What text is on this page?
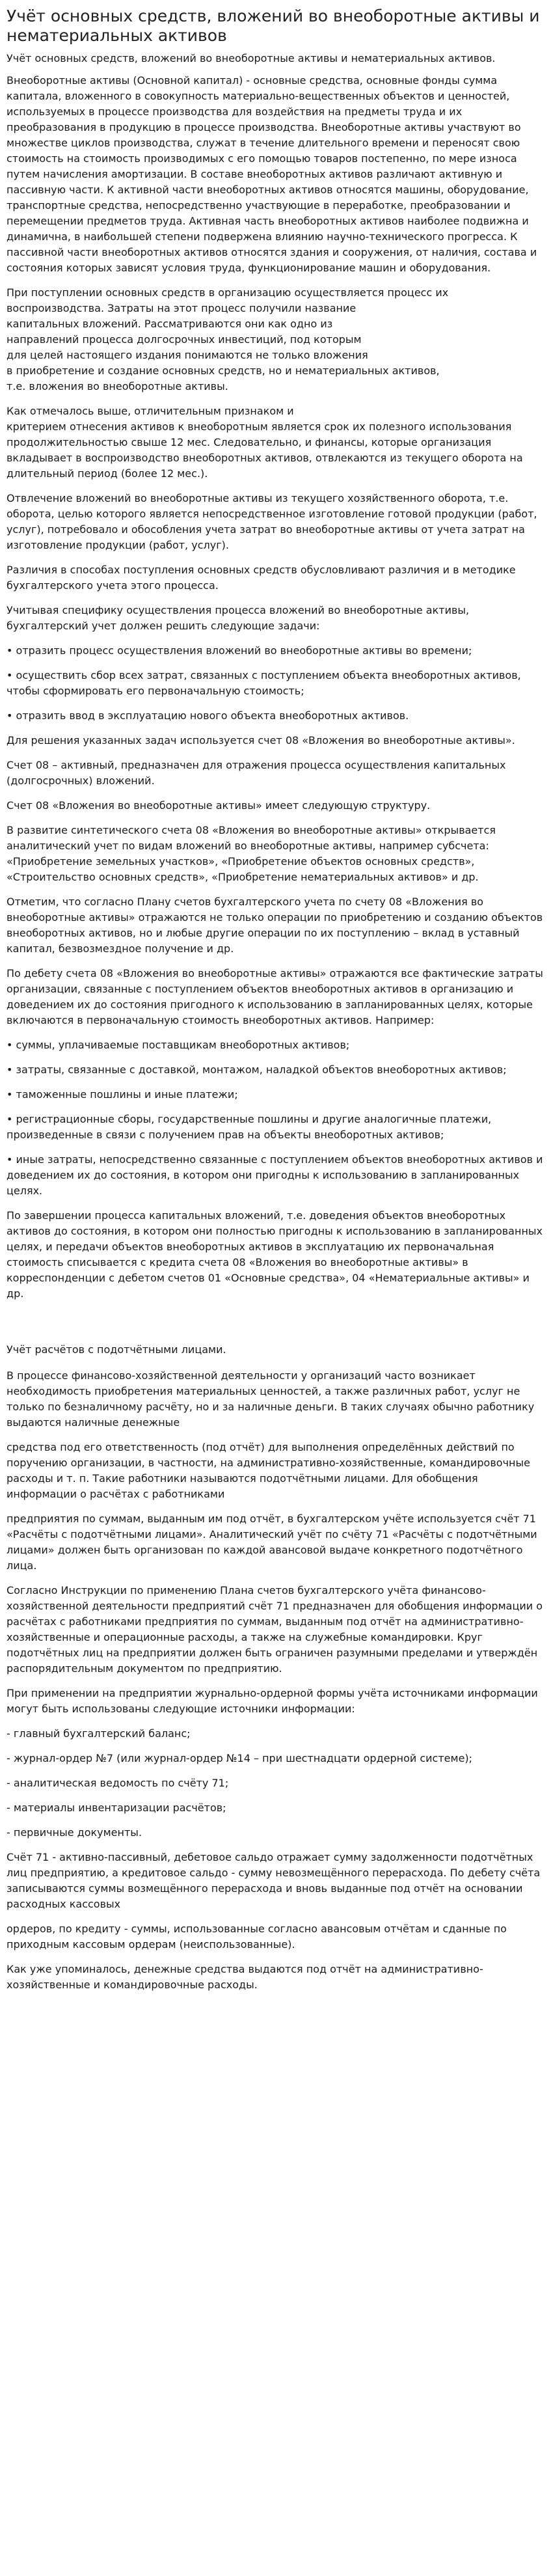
Учёт основных средств, вложений во внеоборотные активы и нематериальных активов

Учёт основных средств, вложений во внеоборотные активы и нематериальных активов.

Внеоборотные активы (Основной капитал) - основные средства, основные фонды сумма капитала, вложенного в совокупность материально-вещественных объектов и ценностей, используемых в процессе производства для воздействия на предметы труда и их преобразования в продукцию в процессе производства. Внеоборотные активы участвуют во множестве циклов производства, служат в течение длительного времени и переносят свою стоимость на стоимость производимых с его помощью товаров постепенно, по мере износа путем начисления амортизации. В составе внеоборотных активов различают активную и пассивную части. К активной части внеоборотных активов относятся машины, оборудование, транспортные средства, непосредственно участвующие в переработке, преобразовании и перемещении предметов труда. Активная часть внеоборотных активов наиболее подвижна и динамична, в наибольшей степени подвержена влиянию научно-технического прогресса. К пассивной части внеоборотных активов относятся здания и сооружения, от наличия, состава и состояния которых зависят условия труда, функционирование машин и оборудования.

При поступлении основных средств в организацию осуществляется процесс их воспроизводства. Затраты на этот процесс получили название
капитальных вложений. Рассматриваются они как одно из
направлений процесса долгосрочных инвестиций, под которым
для целей настоящего издания понимаются не только вложения
в приобретение и создание основных средств, но и нематериальных активов,
т.е. вложения во внеоборотные активы.

Как отмечалось выше, отличительным признаком и
критерием отнесения активов к внеоборотным является срок их полезного использования продолжительностью свыше 12 мес. Следовательно, и финансы, которые организация вкладывает в воспроизводство внеоборотных активов, отвлекаются из текущего оборота на длительный период (более 12 мес.).

Отвлечение вложений во внеоборотные активы из текущего хозяйственного оборота, т.е. оборота, целью которого является непосредственное изготовление готовой продукции (работ, услуг), потребовало и обособления учета затрат во внеоборотные активы от учета затрат на изготовление продукции (работ, услуг).

Различия в способах поступления основных средств обусловливают различия и в методике бухгалтерского учета этого процесса.

Учитывая специфику осуществления процесса вложений во внеоборотные активы, бухгалтерский учет должен решить следующие задачи:

• отразить процесс осуществления вложений во внеоборотные активы во времени;

• осуществить сбор всех затрат, связанных с поступлением объекта внеоборотных активов, чтобы сформировать его первоначальную стоимость;

• отразить ввод в эксплуатацию нового объекта внеоборотных активов.

Для решения указанных задач используется счет 08 «Вложения во внеоборотные активы».

Счет 08 – активный, предназначен для отражения процесса осуществления капитальных (долгосрочных) вложений.

Счет 08 «Вложения во внеоборотные активы» имеет следующую структуру.

В развитие синтетического счета 08 «Вложения во внеоборотные активы» открывается аналитический учет по видам вложений во внеоборотные активы, например субсчета: «Приобретение земельных участков», «Приобретение объектов основных средств», «Строительство основных средств», «Приобретение нематериальных активов» и др.

Отметим, что согласно Плану счетов бухгалтерского учета по счету 08 «Вложения во внеоборотные активы» отражаются не только операции по приобретению и созданию объектов внеоборотных активов, но и любые другие операции по их поступлению – вклад в уставный капитал, безвозмездное получение и др.

По дебету счета 08 «Вложения во внеоборотные активы» отражаются все фактические затраты организации, связанные с поступлением объектов внеоборотных активов в организацию и доведением их до состояния пригодного к использованию в запланированных целях, которые включаются в первоначальную стоимость внеоборотных активов. Например:

• суммы, уплачиваемые поставщикам внеоборотных активов;

• затраты, связанные с доставкой, монтажом, наладкой объектов внеоборотных активов;

• таможенные пошлины и иные платежи;

• регистрационные сборы, государственные пошлины и другие аналогичные платежи, произведенные в связи с получением прав на объекты внеоборотных активов;

• иные затраты, непосредственно связанные с поступлением объектов внеоборотных активов и доведением их до состояния, в котором они пригодны к использованию в запланированных целях.

По завершении процесса капитальных вложений, т.е. доведения объектов внеоборотных активов до состояния, в котором они полностью пригодны к использованию в запланированных целях, и передачи объектов внеоборотных активов в эксплуатацию их первоначальная стоимость списывается с кредита счета 08 «Вложения во внеоборотные активы» в корреспонденции с дебетом счетов 01 «Основные средства», 04 «Нематериальные активы» и др.

Учёт расчётов с подотчётными лицами.

В процессе финансово-хозяйственной деятельности у организаций часто возникает необходимость приобретения материальных ценностей, а также различных работ, услуг не только по безналичному расчёту, но и за наличные деньги. В таких случаях обычно работнику выдаются наличные денежные

средства под его ответственность (под отчёт) для выполнения определённых действий по поручению организации, в частности, на административно-хозяйственные, командировочные расходы и т. п. Такие работники называются подотчётными лицами. Для обобщения информации о расчётах с работниками

предприятия по суммам, выданным им под отчёт, в бухгалтерском учёте используется счёт 71 «Расчёты с подотчётными лицами». Аналитический учёт по счёту 71 «Расчёты с подотчётными лицами» должен быть организован по каждой авансовой выдаче конкретного подотчётного лица.

Согласно Инструкции по применению Плана счетов бухгалтерского учёта финансово-хозяйственной деятельности предприятий счёт 71 предназначен для обобщения информации о расчётах с работниками предприятия по суммам, выданным под отчёт на административно-хозяйственные и операционные расходы, а также на служебные командировки. Круг подотчётных лиц на предприятии должен быть ограничен разумными пределами и утверждён распорядительным документом по предприятию.

При применении на предприятии журнально-ордерной формы учёта источниками информации могут быть использованы следующие источники информации:

- главный бухгалтерский баланс;

- журнал-ордер №7 (или журнал-ордер №14 – при шестнадцати ордерной системе);

- аналитическая ведомость по счёту 71;

- материалы инвентаризации расчётов;

- первичные документы.

Счёт 71 - активно-пассивный, дебетовое сальдо отражает сумму задолженности подотчётных лиц предприятию, а кредитовое сальдо - сумму невозмещённого перерасхода. По дебету счёта записываются суммы возмещённого перерасхода и вновь выданные под отчёт на основании расходных кассовых

ордеров, по кредиту - суммы, использованные согласно авансовым отчётам и сданные по приходным кассовым ордерам (неиспользованные).

Как уже упоминалось, денежные средства выдаются под отчёт на административно-хозяйственные и командировочные расходы.
